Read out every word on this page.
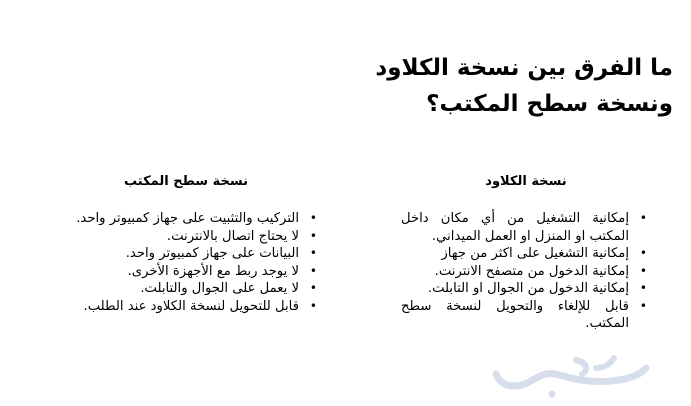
ما الفرق بين نسخة الكلاود
ونسخة سطح المكتب؟
نسخة الكلاود
• إمكانية التشغيل من أي مكان داخل المكتب او المنزل او العمل الميداني.
• إمكانية التشغيل على اكثر من جهاز
• إمكانية الدخول من متصفح الانترنت.
• إمكانية الدخول من الجوال او التابلت.
• قابل للإلغاء والتحويل لنسخة سطح المكتب.
نسخة سطح المكتب
• التركيب والتثبيت على جهاز كمبيوتر واحد.
• لا يحتاج اتصال بالانترنت.
• البيانات على جهاز كمبيوتر واحد.
• لا يوجد ربط مع الأجهزة الأخرى.
• لا يعمل على الجوال والتابلت.
• قابل للتحويل لنسخة الكلاود عند الطلب.
